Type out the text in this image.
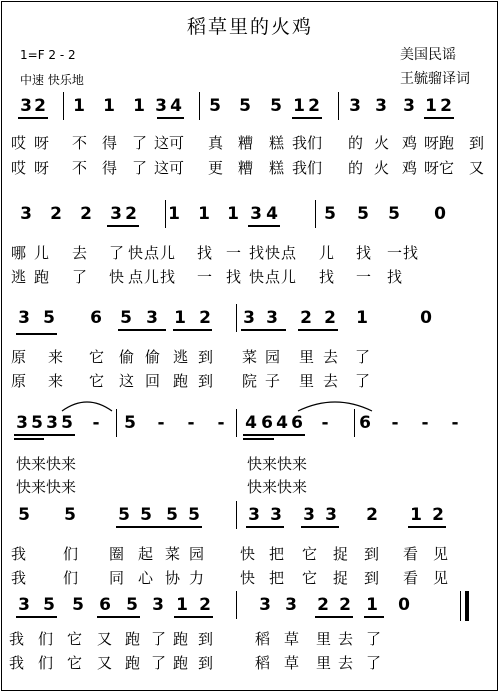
稻草里的火鸡
1=F 2 - 2
中速 快乐地
美国民谣
王毓骝译词
3 2 1 1 1 3 4 5 5 5 1 2 3 3 3 1 2
哎 呀 不 得 了 这 可 真 糟 糕 我 们 的 火 鸡 呀 跑 到
哎 呀 不 得 了 这 可 更 糟 糕 我 们 的 火 鸡 呀 它 又
3 2 2 3 2 1 1 1 3 4	5 5 5 0
哪 儿 去 了 快 点 儿 找 一 找 快 点 儿 找 一 找
逃 跑 了 快 点 儿 找 一 找 快 点 儿 找 一 找
3 5 6 5 3 1 2 3 3 2 2 1	0
原 来 它 偷 偷 逃 到 菜 园 里 去 了
原 来 它 这 回 跑 到 院 子 里 去 了
3 5 3 5 - 5 - - - 4 6 4 6 - 6 - - -
快来快来	快来快来
快来快来	快来快来
5 5 5 5 5 5	3 3 3 3 2 1 2
我 们 圈 起 菜 园 快 把 它 捉 到 看 见
我 们 同 心 协 力 快 把 它 捉 到 看 见
3 5 5 6 5 3 1 2	3 3 2 2 1 0
我 们 它 又 跑 了 跑 到	稻 草 里 去 了
我 们 它 又 跑 了 跑 到	稻 草 里 去 了
